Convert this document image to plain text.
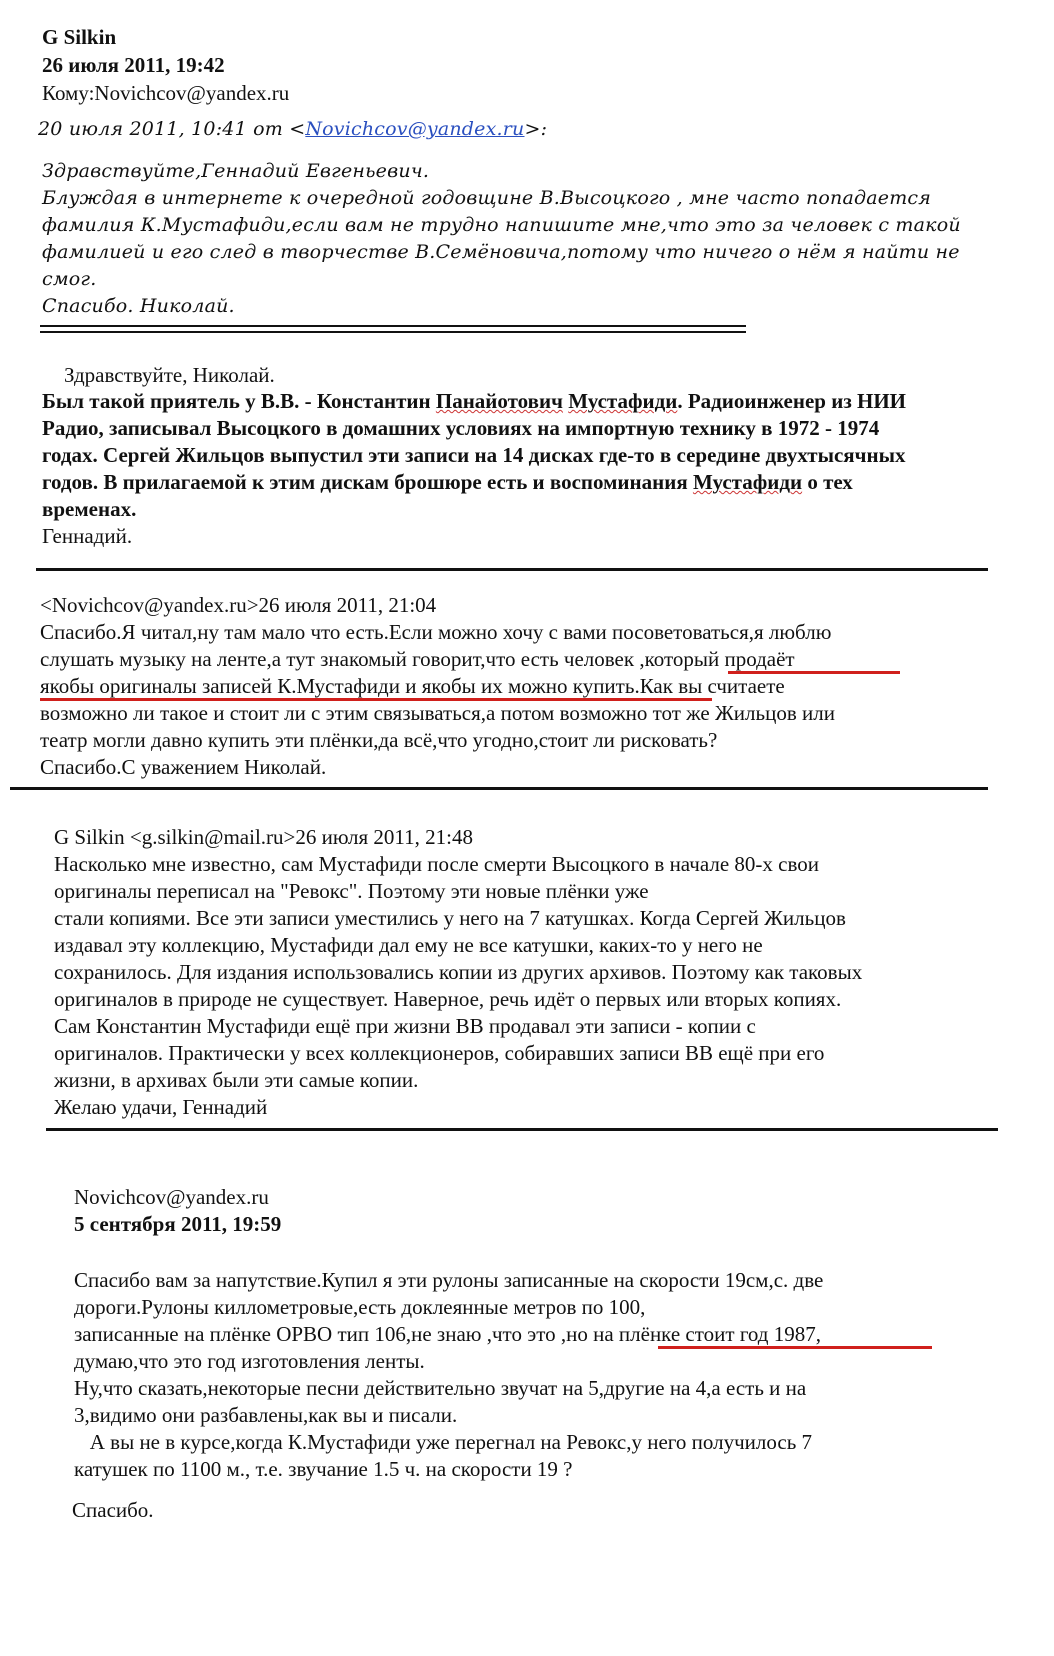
G Silkin
26 июля 2011, 19:42
Кому:Novichcov@yandex.ru
20 июля 2011, 10:41 от <Novichcov@yandex.ru>:
Здравствуйте,Геннадий Евгеньевич.
Блуждая в интернете к очередной годовщине В.Высоцкого , мне часто попадается
фамилия К.Мустафиди,если вам не трудно напишите мне,что это за человек с такой
фамилией и его след в творчестве В.Семёновича,потому что ничего о нём я найти не
смог.
Спасибо. Николай.
Здравствуйте, Николай.
Был такой приятель у В.В. - Константин Панайотович Мустафиди. Радиоинженер из НИИ
Радио, записывал Высоцкого в домашних условиях на импортную технику в 1972 - 1974
годах. Сергей Жильцов выпустил эти записи на 14 дисках где-то в середине двухтысячных
годов. В прилагаемой к этим дискам брошюре есть и воспоминания Мустафиди о тех
временах.
Геннадий.
<Novichcov@yandex.ru>26 июля 2011, 21:04
Спасибо.Я читал,ну там мало что есть.Если можно хочу с вами посоветоваться,я люблю
слушать музыку на ленте,а тут знакомый говорит,что есть человек ,который продаёт
якобы оригиналы записей К.Мустафиди и якобы их можно купить.Как вы считаете
возможно ли такое и стоит ли с этим связываться,а потом возможно тот же Жильцов или
театр могли давно купить эти плёнки,да всё,что угодно,стоит ли рисковать?
Спасибо.С уважением Николай.
G Silkin <g.silkin@mail.ru>26 июля 2011, 21:48
Насколько мне известно, сам Мустафиди после смерти Высоцкого в начале 80-х свои
оригиналы переписал на "Ревокс". Поэтому эти новые плёнки уже
стали копиями. Все эти записи уместились у него на 7 катушках. Когда Сергей Жильцов
издавал эту коллекцию, Мустафиди дал ему не все катушки, каких-то у него не
сохранилось. Для издания использовались копии из других архивов. Поэтому как таковых
оригиналов в природе не существует. Наверное, речь идёт о первых или вторых копиях.
Сам Константин Мустафиди ещё при жизни ВВ продавал эти записи - копии с
оригиналов. Практически у всех коллекционеров, собиравших записи ВВ ещё при его
жизни, в архивах были эти самые копии.
Желаю удачи, Геннадий
Novichcov@yandex.ru
5 сентября 2011, 19:59
Спасибо вам за напутствие.Купил я эти рулоны записанные на скорости 19см,с. две
дороги.Рулоны киллометровые,есть доклеянные метров по 100,
записанные на плёнке ОРВО тип 106,не знаю ,что это ,но на плёнке стоит год 1987,
думаю,что это год изготовления ленты.
Ну,что сказать,некоторые песни действительно звучат на 5,другие на 4,а есть и на
3,видимо они разбавлены,как вы и писали.
А вы не в курсе,когда К.Мустафиди уже перегнал на Ревокс,у него получилось 7
катушек по 1100 м., т.е. звучание 1.5 ч. на скорости 19 ?
Спасибо.
